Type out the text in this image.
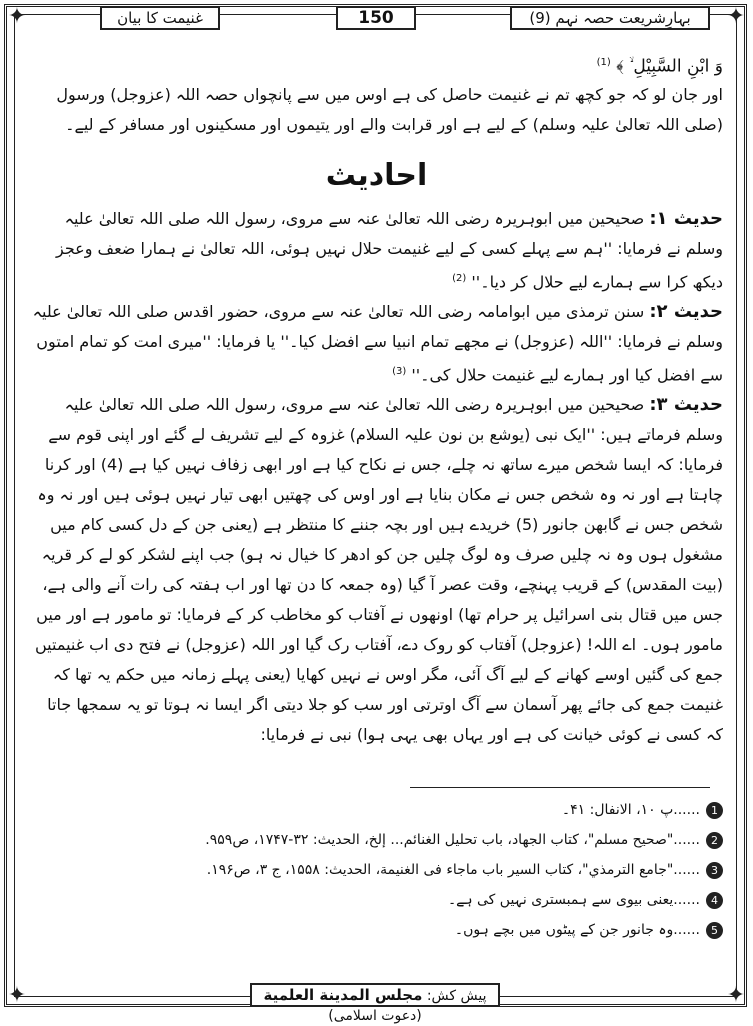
✦	✦
✦	✦
غنیمت کا بیان	150	بہارِشریعت حصہ نہم (9)

وَ ابْنِ السَّبِیْلِ ۙ ﴾ $^{(1)}$

اور جان لو کہ جو کچھ تم نے غنیمت حاصل کی ہے اوس میں سے پانچواں حصہ اللہ (عزوجل) ورسول (صلی اللہ تعالیٰ علیہ وسلم) کے لیے ہے اور قرابت والے اور یتیموں اور مسکینوں اور مسافر کے لیے۔

احادیث

حدیث ۱: صحیحین میں ابوہریرہ رضی اللہ تعالیٰ عنہ سے مروی، رسول اللہ صلی اللہ تعالیٰ علیہ وسلم نے فرمایا: ''ہم سے پہلے کسی کے لیے غنیمت حلال نہیں ہوئی، اللہ تعالیٰ نے ہمارا ضعف وعجز دیکھ کرا سے ہمارے لیے حلال کر دیا۔'' $^{(2)}$

حدیث ۲: سنن ترمذی میں ابوامامہ رضی اللہ تعالیٰ عنہ سے مروی، حضور اقدس صلی اللہ تعالیٰ علیہ وسلم نے فرمایا: ''اللہ (عزوجل) نے مجھے تمام انبیا سے افضل کیا۔'' یا فرمایا: ''میری امت کو تمام امتوں سے افضل کیا اور ہمارے لیے غنیمت حلال کی۔'' $^{(3)}$

حدیث ۳: صحیحین میں ابوہریرہ رضی اللہ تعالیٰ عنہ سے مروی، رسول اللہ صلی اللہ تعالیٰ علیہ وسلم فرماتے ہیں: ''ایک نبی (یوشع بن نون علیہ السلام) غزوہ کے لیے تشریف لے گئے اور اپنی قوم سے فرمایا: کہ ایسا شخص میرے ساتھ نہ چلے، جس نے نکاح کیا ہے اور ابھی زفاف نہیں کیا ہے (4) اور کرنا چاہتا ہے اور نہ وہ شخص جس نے مکان بنایا ہے اور اوس کی چھتیں ابھی تیار نہیں ہوئی ہیں اور نہ وہ شخص جس نے گابھن جانور (5) خریدے ہیں اور بچہ جننے کا منتظر ہے (یعنی جن کے دل کسی کام میں مشغول ہوں وہ نہ چلیں صرف وہ لوگ چلیں جن کو ادھر کا خیال نہ ہو) جب اپنے لشکر کو لے کر قریہ (بیت المقدس) کے قریب پہنچے، وقت عصر آ گیا (وہ جمعہ کا دن تھا اور اب ہفتہ کی رات آنے والی ہے، جس میں قتال بنی اسرائیل پر حرام تھا) اونھوں نے آفتاب کو مخاطب کر کے فرمایا: تو مامور ہے اور میں مامور ہوں۔ اے اللہ! (عزوجل) آفتاب کو روک دے، آفتاب رک گیا اور اللہ (عزوجل) نے فتح دی اب غنیمتیں جمع کی گئیں اوسے کھانے کے لیے آگ آئی، مگر اوس نے نہیں کھایا (یعنی پہلے زمانہ میں حکم یہ تھا کہ غنیمت جمع کی جائے پھر آسمان سے آگ اوترتی اور سب کو جلا دیتی اگر ایسا نہ ہوتا تو یہ سمجھا جاتا کہ کسی نے کوئی خیانت کی ہے اور یہاں بھی یہی ہوا) نبی نے فرمایا:

1
......پ ۱۰، الانفال: ۴۱۔

2
......"صحیح مسلم"، کتاب الجهاد، باب تحلیل الغنائم... إلخ، الحدیث: ۳۲-۱۷۴۷، ص۹۵۹.

3
......"جامع الترمذي"، کتاب السیر باب ماجاء فی الغنیمة، الحدیث: ۱۵۵۸، ج ۳، ص۱۹۶.

4
......یعنی بیوی سے ہمبستری نہیں کی ہے۔

5
......وہ جانور جن کے پیٹوں میں بچے ہوں۔

پیش کش: مجلس المدینة العلمیة (دعوت اسلامی)
